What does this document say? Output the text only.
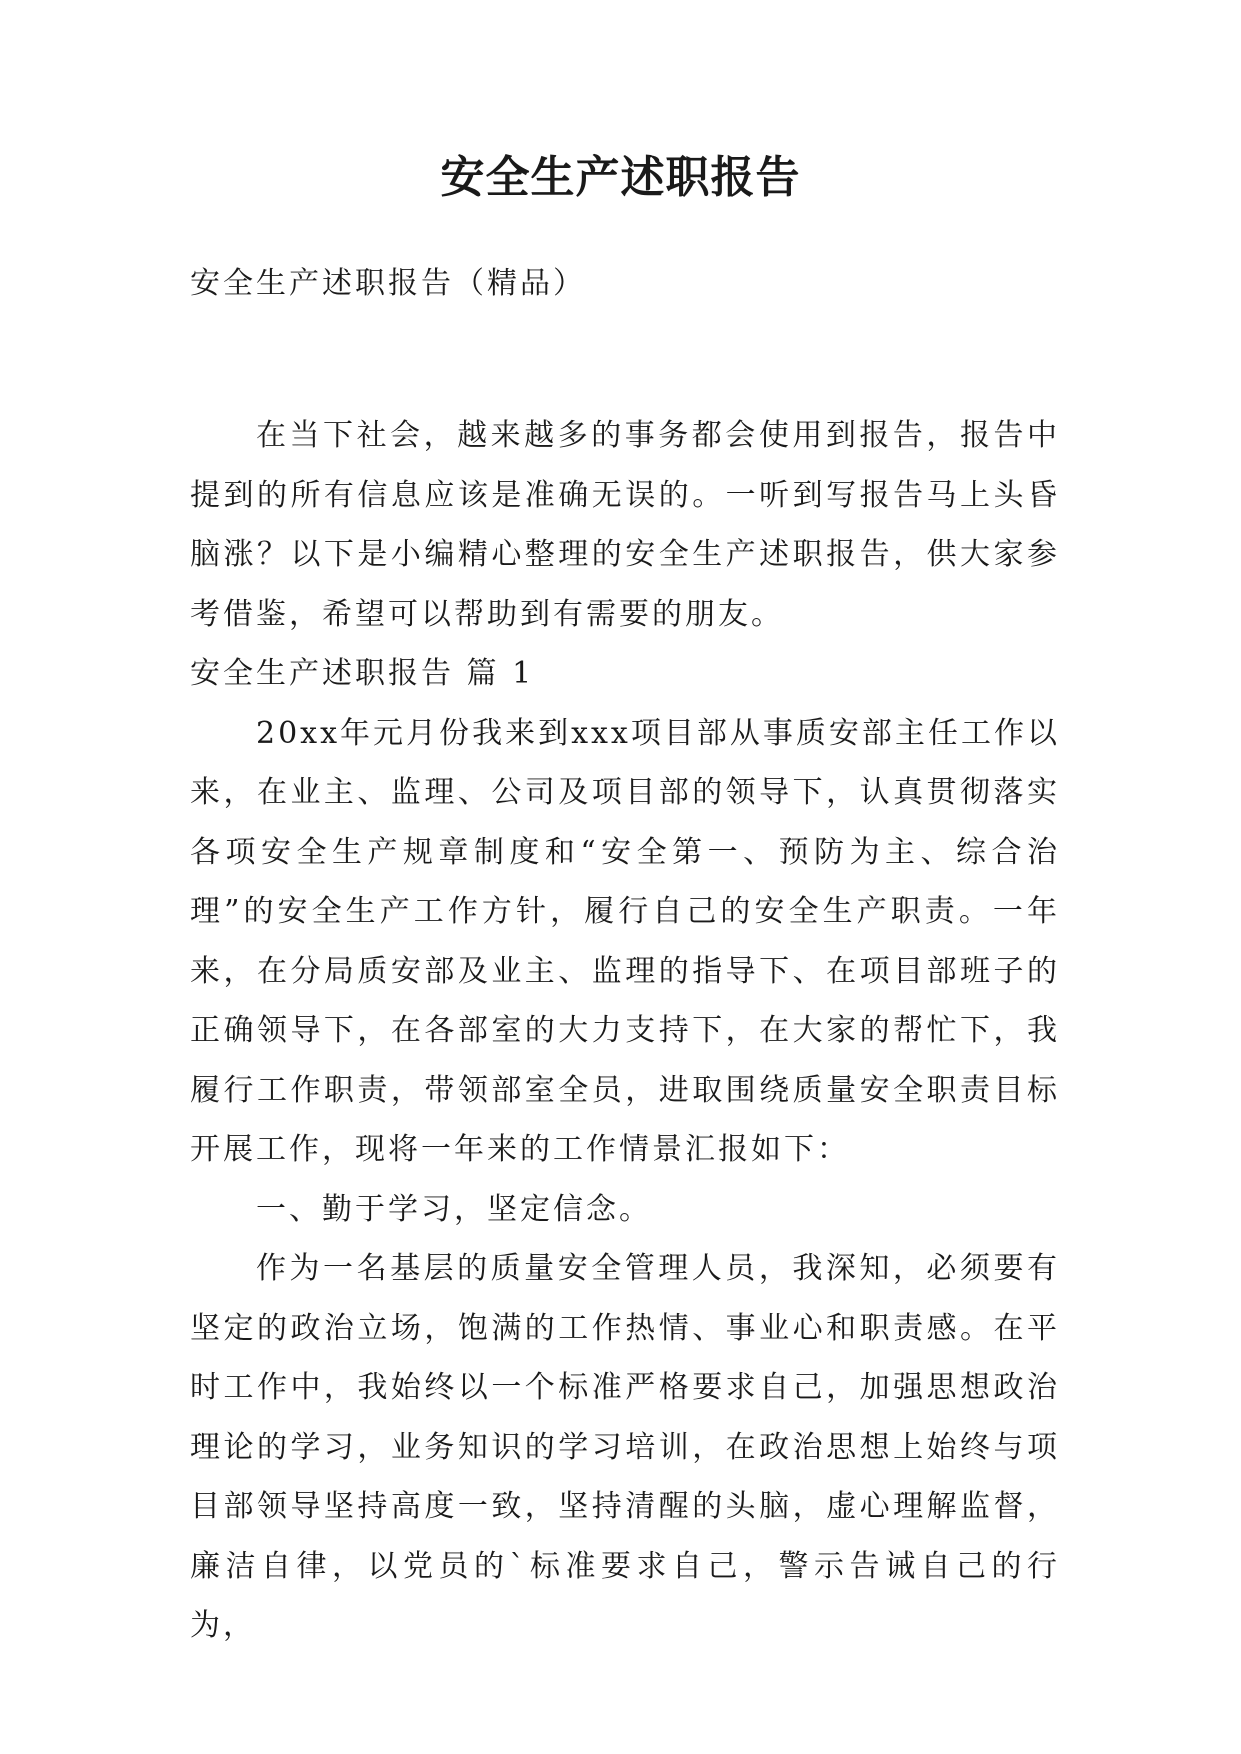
安全生产述职报告
安全生产述职报告（精品）

在当下社会，越来越多的事务都会使用到报告，报告中提到的所有信息应该是准确无误的。一听到写报告马上头昏脑涨？以下是小编精心整理的安全生产述职报告，供大家参考借鉴，希望可以帮助到有需要的朋友。

安全生产述职报告 篇 1

20xx年元月份我来到xxx项目部从事质安部主任工作以来，在业主、监理、公司及项目部的领导下，认真贯彻落实各项安全生产规章制度和“安全第一、预防为主、综合治理”的安全生产工作方针，履行自己的安全生产职责。一年来，在分局质安部及业主、监理的指导下、在项目部班子的正确领导下，在各部室的大力支持下，在大家的帮忙下，我履行工作职责，带领部室全员，进取围绕质量安全职责目标开展工作，现将一年来的工作情景汇报如下：

一、勤于学习，坚定信念。

作为一名基层的质量安全管理人员，我深知，必须要有坚定的政治立场，饱满的工作热情、事业心和职责感。在平时工作中，我始终以一个标准严格要求自己，加强思想政治理论的学习，业务知识的学习培训，在政治思想上始终与项目部领导坚持高度一致，坚持清醒的头脑，虚心理解监督，廉洁自律，以党员的`标准要求自己，警示告诫自己的行为，
